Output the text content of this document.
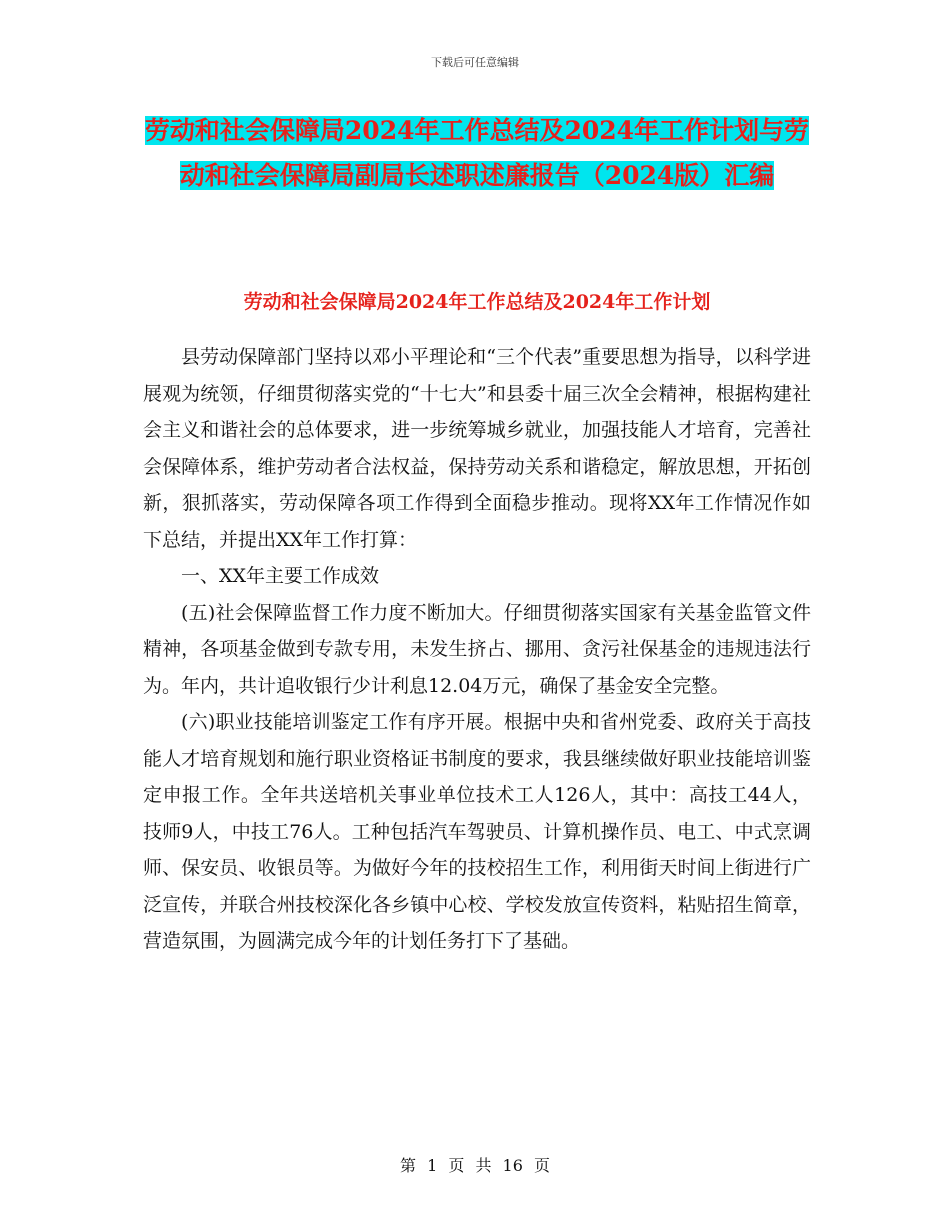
下载后可任意编辑
劳动和社会保障局2024年工作总结及2024年工作计划与劳动和社会保障局副局长述职述廉报告（2024版）汇编
劳动和社会保障局2024年工作总结及2024年工作计划

县劳动保障部门坚持以邓小平理论和“三个代表”重要思想为指导，以科学进展观为统领，仔细贯彻落实党的“十七大”和县委十届三次全会精神，根据构建社会主义和谐社会的总体要求，进一步统筹城乡就业，加强技能人才培育，完善社会保障体系，维护劳动者合法权益，保持劳动关系和谐稳定，解放思想，开拓创新，狠抓落实，劳动保障各项工作得到全面稳步推动。现将XX年工作情况作如下总结，并提出XX年工作打算：

一、XX年主要工作成效

(五)社会保障监督工作力度不断加大。仔细贯彻落实国家有关基金监管文件精神，各项基金做到专款专用，未发生挤占、挪用、贪污社保基金的违规违法行为。年内，共计追收银行少计利息12.04万元，确保了基金安全完整。

(六)职业技能培训鉴定工作有序开展。根据中央和省州党委、政府关于高技能人才培育规划和施行职业资格证书制度的要求，我县继续做好职业技能培训鉴定申报工作。全年共送培机关事业单位技术工人126人，其中：高技工44人，技师9人，中技工76人。工种包括汽车驾驶员、计算机操作员、电工、中式烹调师、保安员、收银员等。为做好今年的技校招生工作，利用街天时间上街进行广泛宣传，并联合州技校深化各乡镇中心校、学校发放宣传资料，粘贴招生简章，营造氛围，为圆满完成今年的计划任务打下了基础。

第 1 页 共 16 页
